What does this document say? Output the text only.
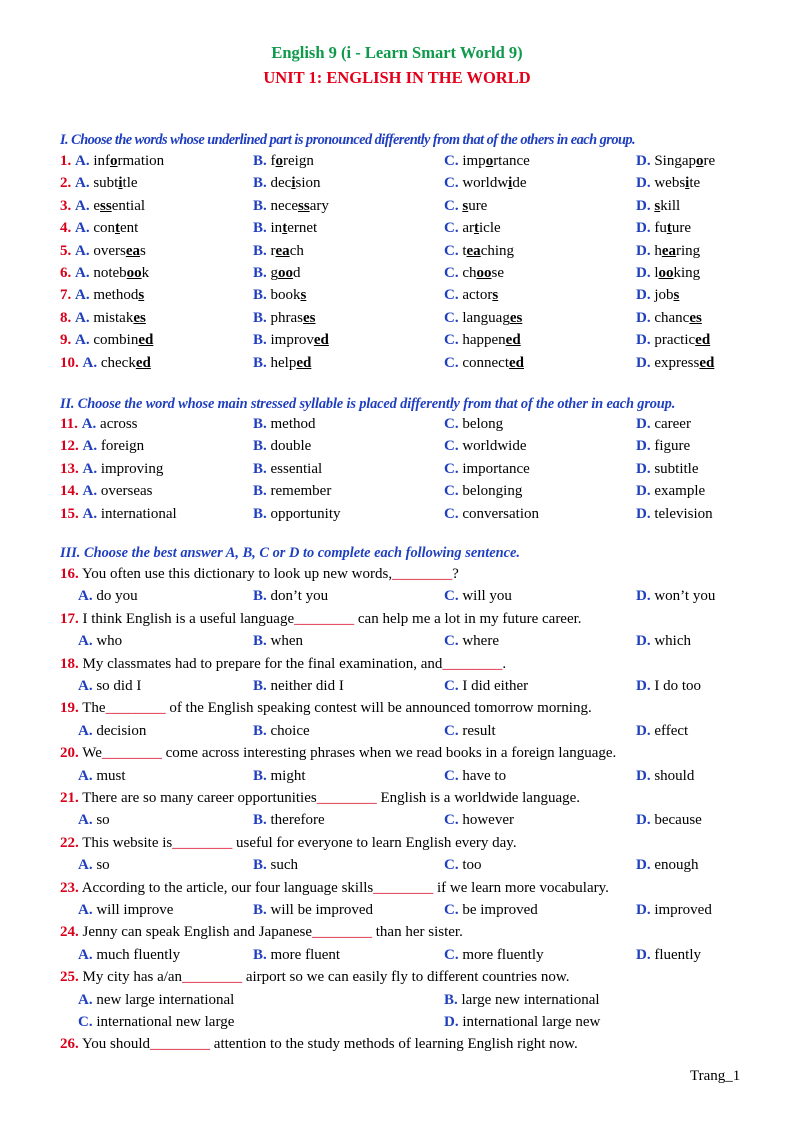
English 9 (i - Learn Smart World 9)
UNIT 1: ENGLISH IN THE WORLD
I. Choose the words whose underlined part is pronounced differently from that of the others in each group.
1. A. information	B. foreign	C. importance	D. Singapore
2. A. subtitle	B. decision	C. worldwide	D. website
3. A. essential	B. necessary	C. sure	D. skill
4. A. content	B. internet	C. article	D. future
5. A. overseas	B. reach	C. teaching	D. hearing
6. A. notebook	B. good	C. choose	D. looking
7. A. methods	B. books	C. actors	D. jobs
8. A. mistakes	B. phrases	C. languages	D. chances
9. A. combined	B. improved	C. happened	D. practiced
10. A. checked	B. helped	C. connected	D. expressed
II. Choose the word whose main stressed syllable is placed differently from that of the other in each group.
11. A. across	B. method	C. belong	D. career
12. A. foreign	B. double	C. worldwide	D. figure
13. A. improving	B. essential	C. importance	D. subtitle
14. A. overseas	B. remember	C. belonging	D. example
15. A. international	B. opportunity	C. conversation	D. television
III. Choose the best answer A, B, C or D to complete each following sentence.
16. You often use this dictionary to look up new words,________?
A. do you	B. don’t you	C. will you	D. won’t you
17. I think English is a useful language________ can help me a lot in my future career.
A. who	B. when	C. where	D. which
18. My classmates had to prepare for the final examination, and________.
A. so did I	B. neither did I	C. I did either	D. I do too
19. The________ of the English speaking contest will be announced tomorrow morning.
A. decision	B. choice	C. result	D. effect
20. We________ come across interesting phrases when we read books in a foreign language.
A. must	B. might	C. have to	D. should
21. There are so many career opportunities________ English is a worldwide language.
A. so	B. therefore	C. however	D. because
22. This website is________ useful for everyone to learn English every day.
A. so	B. such	C. too	D. enough
23. According to the article, our four language skills________ if we learn more vocabulary.
A. will improve	B. will be improved	C. be improved	D. improved
24. Jenny can speak English and Japanese________ than her sister.
A. much fluently	B. more fluent	C. more fluently	D. fluently
25. My city has a/an________ airport so we can easily fly to different countries now.
A. new large international	B. large new international
C. international new large	D. international large new
26. You should________ attention to the study methods of learning English right now.
Trang_1
